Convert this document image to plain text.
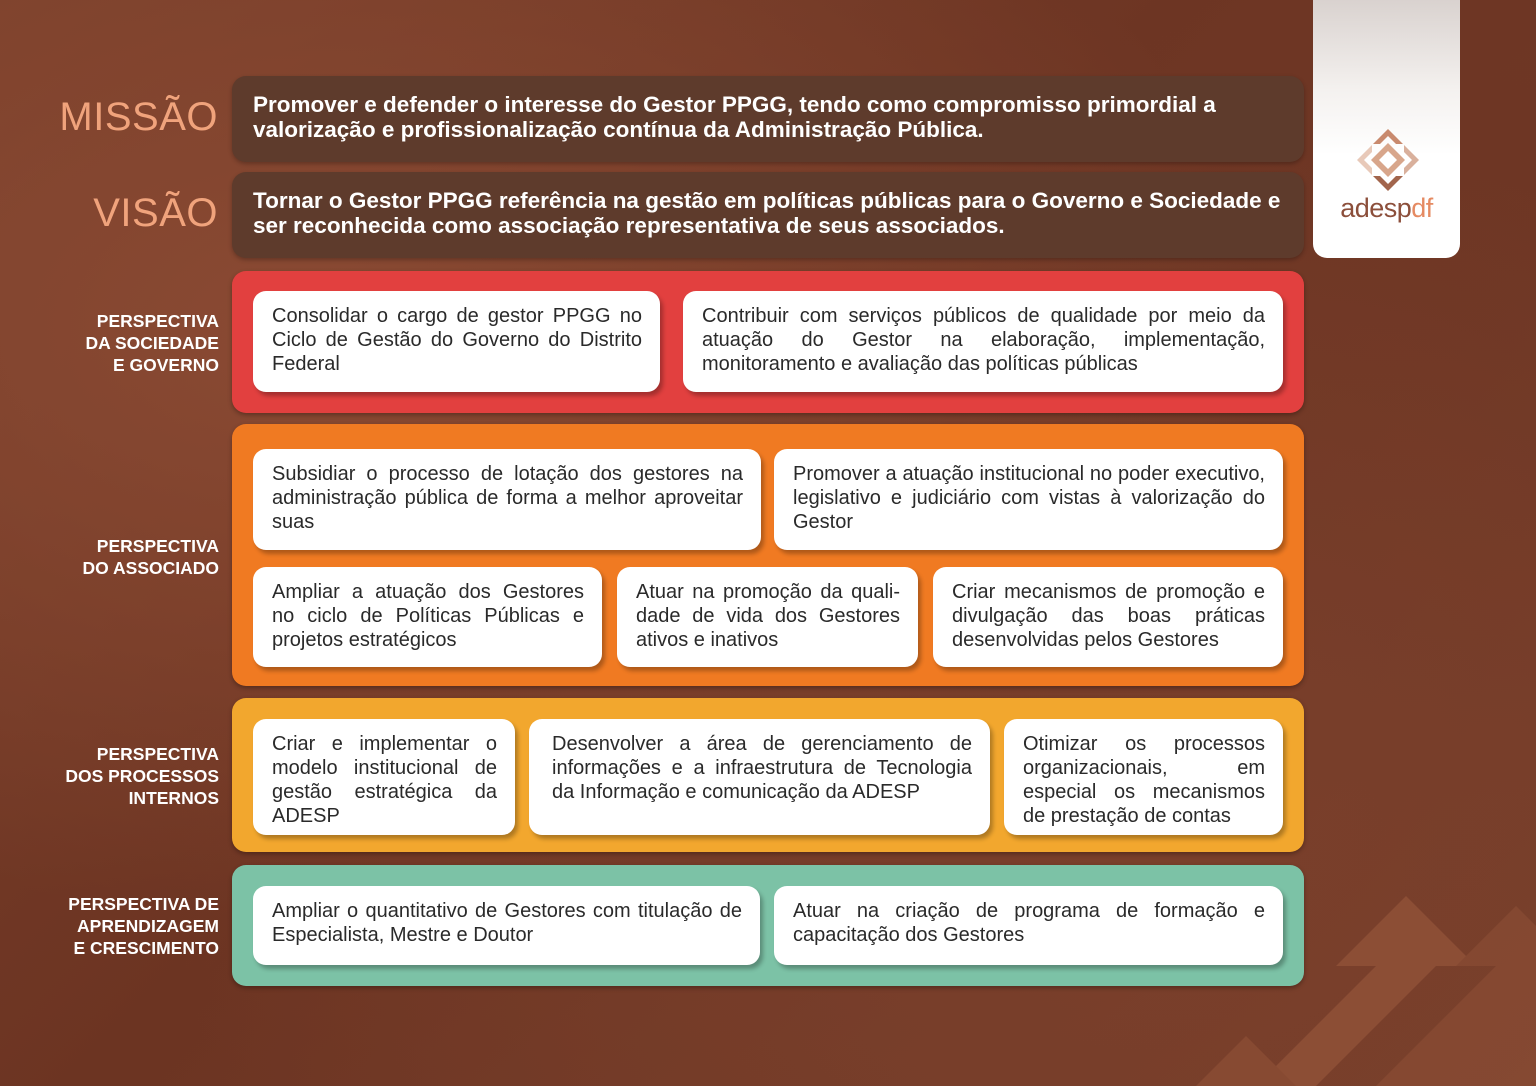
adespdf
MISSÃO	Promover e defender o interesse do Gestor PPGG, tendo como compromisso primordial a valorização e profissionalização contínua da Administração Pública.
VISÃO	Tornar o Gestor PPGG referência na gestão em políticas públicas para o Governo e Sociedade e ser reconhecida como associação representativa de seus associados.
PERSPECTIVA
DA SOCIEDADE
E GOVERNO
Consolidar o cargo de gestor PPGG no Ciclo de Gestão do Governo do Distrito Federal
Contribuir com serviços públicos de qualidade por meio da atuação do Gestor na elaboração, implementação, monitoramento e avaliação das políticas públicas
PERSPECTIVA
DO ASSOCIADO
Subsidiar o processo de lotação dos gestores na administração pública de forma a melhor aproveitar suas
Promover a atuação institucional no poder executivo, legislativo e judiciário com vistas à valorização do Gestor
Ampliar a atuação dos Gestores no ciclo de Políticas Públicas e projetos estratégicos
Atuar na promoção da quali-dade de vida dos Gestores ativos e inativos
Criar mecanismos de promoção e divulgação das boas práticas desenvolvidas pelos Gestores
PERSPECTIVA
DOS PROCESSOS
INTERNOS
Criar e implementar o modelo institucional de gestão estratégica da ADESP
Desenvolver a área de gerenciamento de informações e a infraestrutura de Tecnologia da Informação e comunicação da ADESP
Otimizar os processos organizacionais, em especial os mecanismos de prestação de contas
PERSPECTIVA DE
APRENDIZAGEM
E CRESCIMENTO
Ampliar o quantitativo de Gestores com titulação de Especialista, Mestre e Doutor
Atuar na criação de programa de formação e capacitação dos Gestores
